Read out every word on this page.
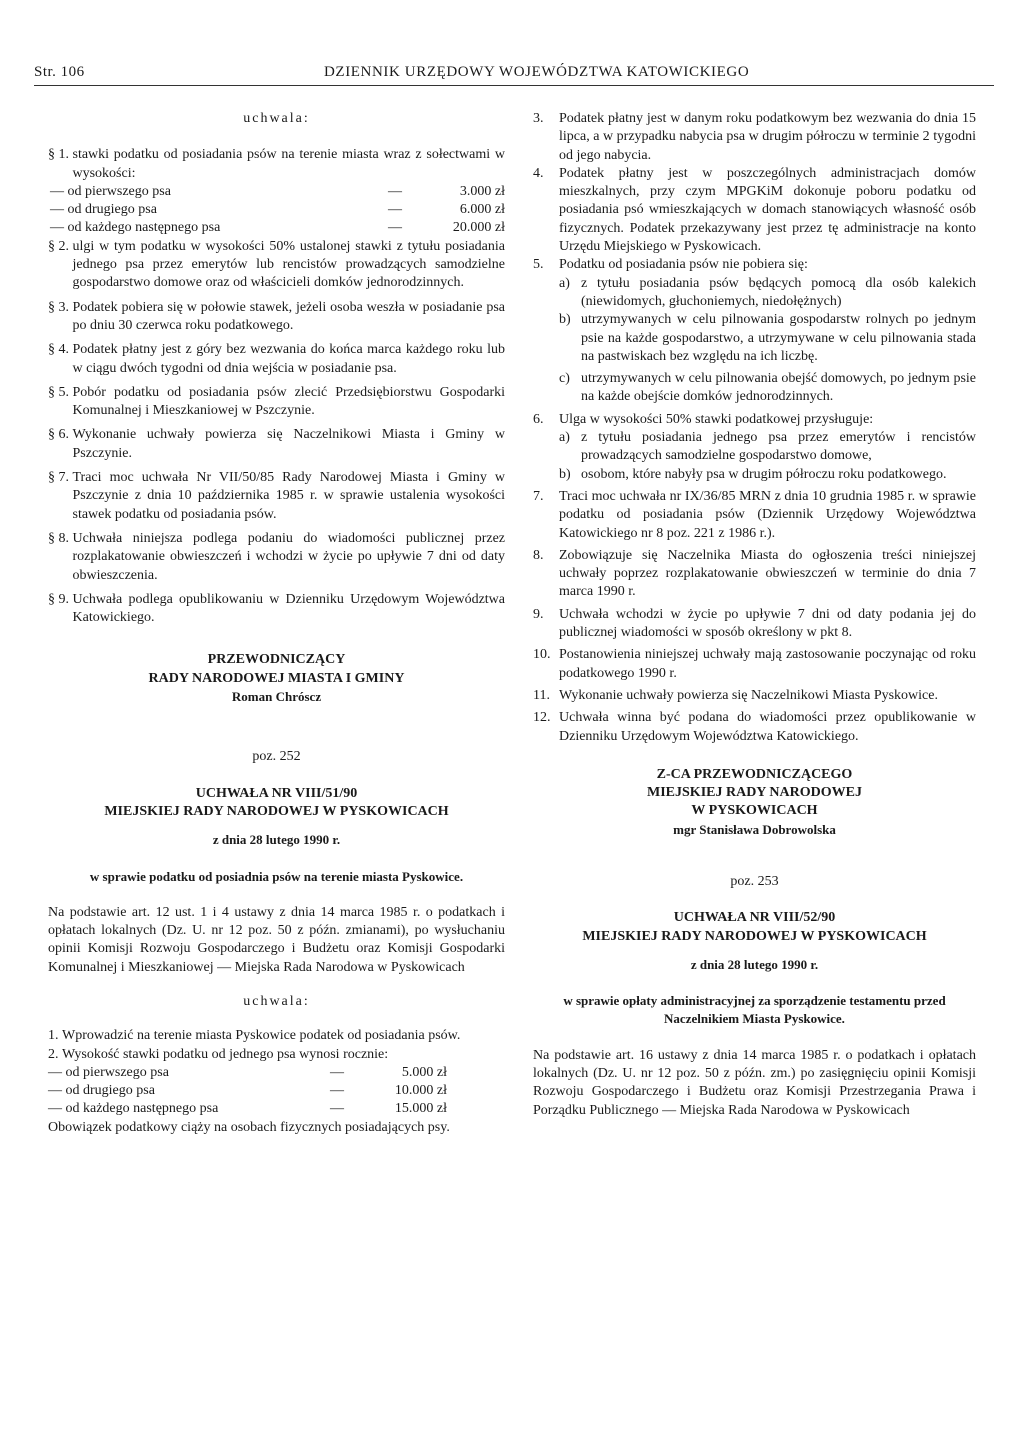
Str. 106	DZIENNIK URZĘDOWY WOJEWÓDZTWA KATOWICKIEGO
uchwala:
§ 1.
stawki podatku od posiadania psów na terenie miasta wraz z sołectwami w wysokości:
— od pierwszego psa	—	3.000 zł
— od drugiego psa	—	6.000 zł
— od każdego następnego psa	—	20.000 zł
§ 2.
ulgi w tym podatku w wysokości 50% ustalonej stawki z tytułu posiadania jednego psa przez emerytów lub rencistów prowadzących samodzielne gospodarstwo domowe oraz od właścicieli domków jednorodzinnych.
§ 3.
Podatek pobiera się w połowie stawek, jeżeli osoba weszła w posiadanie psa po dniu 30 czerwca roku podatkowego.
§ 4.
Podatek płatny jest z góry bez wezwania do końca marca każdego roku lub w ciągu dwóch tygodni od dnia wejścia w posiadanie psa.
§ 5.
Pobór podatku od posiadania psów zlecić Przedsiębiorstwu Gospodarki Komunalnej i Mieszkaniowej w Pszczynie.
§ 6.
Wykonanie uchwały powierza się Naczelnikowi Miasta i Gminy w Pszczynie.
§ 7.
Traci moc uchwała Nr VII/50/85 Rady Narodowej Miasta i Gminy w Pszczynie z dnia 10 października 1985 r. w sprawie ustalenia wysokości stawek podatku od posiadania psów.
§ 8.
Uchwała niniejsza podlega podaniu do wiadomości publicznej przez rozplakatowanie obwieszczeń i wchodzi w życie po upływie 7 dni od daty obwieszczenia.
§ 9.
Uchwała podlega opublikowaniu w Dzienniku Urzędowym Województwa Katowickiego.
PRZEWODNICZĄCY
RADY NARODOWEJ MIASTA I GMINY
Roman Chróscz
poz. 252
UCHWAŁA NR VIII/51/90
MIEJSKIEJ RADY NARODOWEJ W PYSKOWICACH
z dnia 28 lutego 1990 r.
w sprawie podatku od posiadnia psów na terenie miasta Pyskowice.
Na podstawie art. 12 ust. 1 i 4 ustawy z dnia 14 marca 1985 r. o podatkach i opłatach lokalnych (Dz. U. nr 12 poz. 50 z późn. zmianami), po wysłuchaniu opinii Komisji Rozwoju Gospodarczego i Budżetu oraz Komisji Gospodarki Komunalnej i Mieszkaniowej — Miejska Rada Narodowa w Pyskowicach
uchwala:
1.
Wprowadzić na terenie miasta Pyskowice podatek od posiadania psów.
2.
Wysokość stawki podatku od jednego psa wynosi rocznie:
— od pierwszego psa	—	5.000 zł
— od drugiego psa	—	10.000 zł
— od każdego następnego psa	—	15.000 zł
Obowiązek podatkowy ciąży na osobach fizycznych posiadających psy.
3.	Podatek płatny jest w danym roku podatkowym bez wezwania do dnia 15 lipca, a w przypadku nabycia psa w drugim półroczu w terminie 2 tygodni od jego nabycia.
4.	Podatek płatny jest w poszczególnych administracjach domów mieszkalnych, przy czym MPGKiM dokonuje poboru podatku od posiadania psó wmieszkających w domach stanowiących własność osób fizycznych. Podatek przekazywany jest przez tę administracje na konto Urzędu Miejskiego w Pyskowicach.
5.	Podatku od posiadania psów nie pobiera się:
a) z tytułu posiadania psów będących pomocą dla osób kalekich (niewidomych, głuchoniemych, niedołężnych)
b) utrzymywanych w celu pilnowania gospodarstw rolnych po jednym psie na każde gospodarstwo, a utrzymywane w celu pilnowania stada na pastwiskach bez względu na ich liczbę.
c) utrzymywanych w celu pilnowania obejść domowych, po jednym psie na każde obejście domków jednorodzinnych.
6.	Ulga w wysokości 50% stawki podatkowej przysługuje:
a) z tytułu posiadania jednego psa przez emerytów i rencistów prowadzących samodzielne gospodarstwo domowe,
b) osobom, które nabyły psa w drugim półroczu roku podatkowego.
7.	Traci moc uchwała nr IX/36/85 MRN z dnia 10 grudnia 1985 r. w sprawie podatku od posiadania psów (Dziennik Urzędowy Województwa Katowickiego nr 8 poz. 221 z 1986 r.).
8.	Zobowiązuje się Naczelnika Miasta do ogłoszenia treści niniejszej uchwały poprzez rozplakatowanie obwieszczeń w terminie do dnia 7 marca 1990 r.
9.	Uchwała wchodzi w życie po upływie 7 dni od daty podania jej do publicznej wiadomości w sposób określony w pkt 8.
10. Postanowienia niniejszej uchwały mają zastosowanie poczynając od roku podatkowego 1990 r.
11. Wykonanie uchwały powierza się Naczelnikowi Miasta Pyskowice.
12. Uchwała winna być podana do wiadomości przez opublikowanie w Dzienniku Urzędowym Województwa Katowickiego.
Z-CA PRZEWODNICZĄCEGO
MIEJSKIEJ RADY NARODOWEJ
W PYSKOWICACH
mgr Stanisława Dobrowolska
poz. 253
UCHWAŁA NR VIII/52/90
MIEJSKIEJ RADY NARODOWEJ W PYSKOWICACH
z dnia 28 lutego 1990 r.
w sprawie opłaty administracyjnej za sporządzenie testamentu przed Naczelnikiem Miasta Pyskowice.
Na podstawie art. 16 ustawy z dnia 14 marca 1985 r. o podatkach i opłatach lokalnych (Dz. U. nr 12 poz. 50 z późn. zm.) po zasięgnięciu opinii Komisji Rozwoju Gospodarczego i Budżetu oraz Komisji Przestrzegania Prawa i Porządku Publicznego — Miejska Rada Narodowa w Pyskowicach
